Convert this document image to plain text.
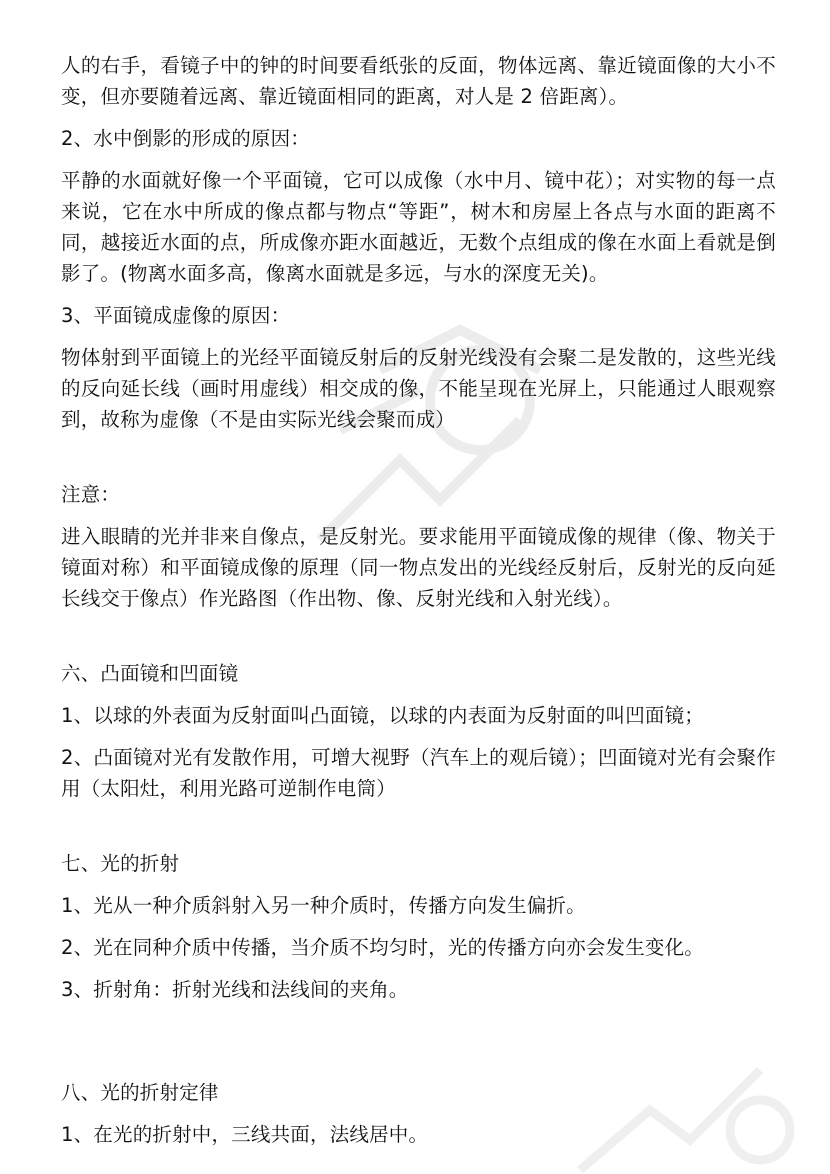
人的右手，看镜子中的钟的时间要看纸张的反面，物体远离、靠近镜面像的大小不变，但亦要随着远离、靠近镜面相同的距离，对人是 2 倍距离）。

2、水中倒影的形成的原因：

平静的水面就好像一个平面镜，它可以成像（水中月、镜中花）；对实物的每一点来说，它在水中所成的像点都与物点“等距”，树木和房屋上各点与水面的距离不同，越接近水面的点，所成像亦距水面越近，无数个点组成的像在水面上看就是倒影了。(物离水面多高，像离水面就是多远，与水的深度无关)。

3、平面镜成虚像的原因：

物体射到平面镜上的光经平面镜反射后的反射光线没有会聚二是发散的，这些光线的反向延长线（画时用虚线）相交成的像，不能呈现在光屏上，只能通过人眼观察到，故称为虚像（不是由实际光线会聚而成）

注意：

进入眼睛的光并非来自像点，是反射光。要求能用平面镜成像的规律（像、物关于镜面对称）和平面镜成像的原理（同一物点发出的光线经反射后，反射光的反向延长线交于像点）作光路图（作出物、像、反射光线和入射光线）。

六、凸面镜和凹面镜

1、以球的外表面为反射面叫凸面镜，以球的内表面为反射面的叫凹面镜；

2、凸面镜对光有发散作用，可增大视野（汽车上的观后镜）；凹面镜对光有会聚作用（太阳灶，利用光路可逆制作电筒）

七、光的折射

1、光从一种介质斜射入另一种介质时，传播方向发生偏折。

2、光在同种介质中传播，当介质不均匀时，光的传播方向亦会发生变化。

3、折射角：折射光线和法线间的夹角。

八、光的折射定律

1、在光的折射中，三线共面，法线居中。
